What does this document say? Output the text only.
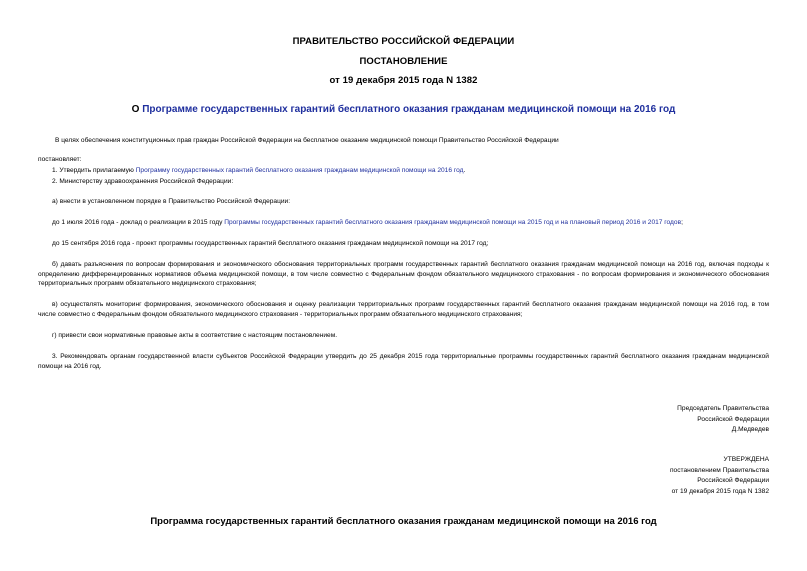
ПРАВИТЕЛЬСТВО РОССИЙСКОЙ ФЕДЕРАЦИИ
ПОСТАНОВЛЕНИЕ
от 19 декабря 2015 года N 1382
О Программе государственных гарантий бесплатного оказания гражданам медицинской помощи на 2016 год
В целях обеспечения конституционных прав граждан Российской Федерации на бесплатное оказание медицинской помощи Правительство Российской Федерации
постановляет:
1. Утвердить прилагаемую Программу государственных гарантий бесплатного оказания гражданам медицинской помощи на 2016 год.
2. Министерству здравоохранения Российской Федерации:
а) внести в установленном порядке в Правительство Российской Федерации:
до 1 июля 2016 года - доклад о реализации в 2015 году Программы государственных гарантий бесплатного оказания гражданам медицинской помощи на 2015 год и на плановый период 2016 и 2017 годов;
до 15 сентября 2016 года - проект программы государственных гарантий бесплатного оказания гражданам медицинской помощи на 2017 год;
б) давать разъяснения по вопросам формирования и экономического обоснования территориальных программ государственных гарантий бесплатного оказания гражданам медицинской помощи на 2016 год, включая подходы к определению дифференцированных нормативов объема медицинской помощи, в том числе совместно с Федеральным фондом обязательного медицинского страхования - по вопросам формирования и экономического обоснования территориальных программ обязательного медицинского страхования;
в) осуществлять мониторинг формирования, экономического обоснования и оценку реализации территориальных программ государственных гарантий бесплатного оказания гражданам медицинской помощи на 2016 год, в том числе совместно с Федеральным фондом обязательного медицинского страхования - территориальных программ обязательного медицинского страхования;
г) привести свои нормативные правовые акты в соответствие с настоящим постановлением.
3. Рекомендовать органам государственной власти субъектов Российской Федерации утвердить до 25 декабря 2015 года территориальные программы государственных гарантий бесплатного оказания гражданам медицинской помощи на 2016 год.
Председатель Правительства
Российской Федерации
Д.Медведев
УТВЕРЖДЕНА
постановлением Правительства
Российской Федерации
от 19 декабря 2015 года N 1382
Программа государственных гарантий бесплатного оказания гражданам медицинской помощи на 2016 год
